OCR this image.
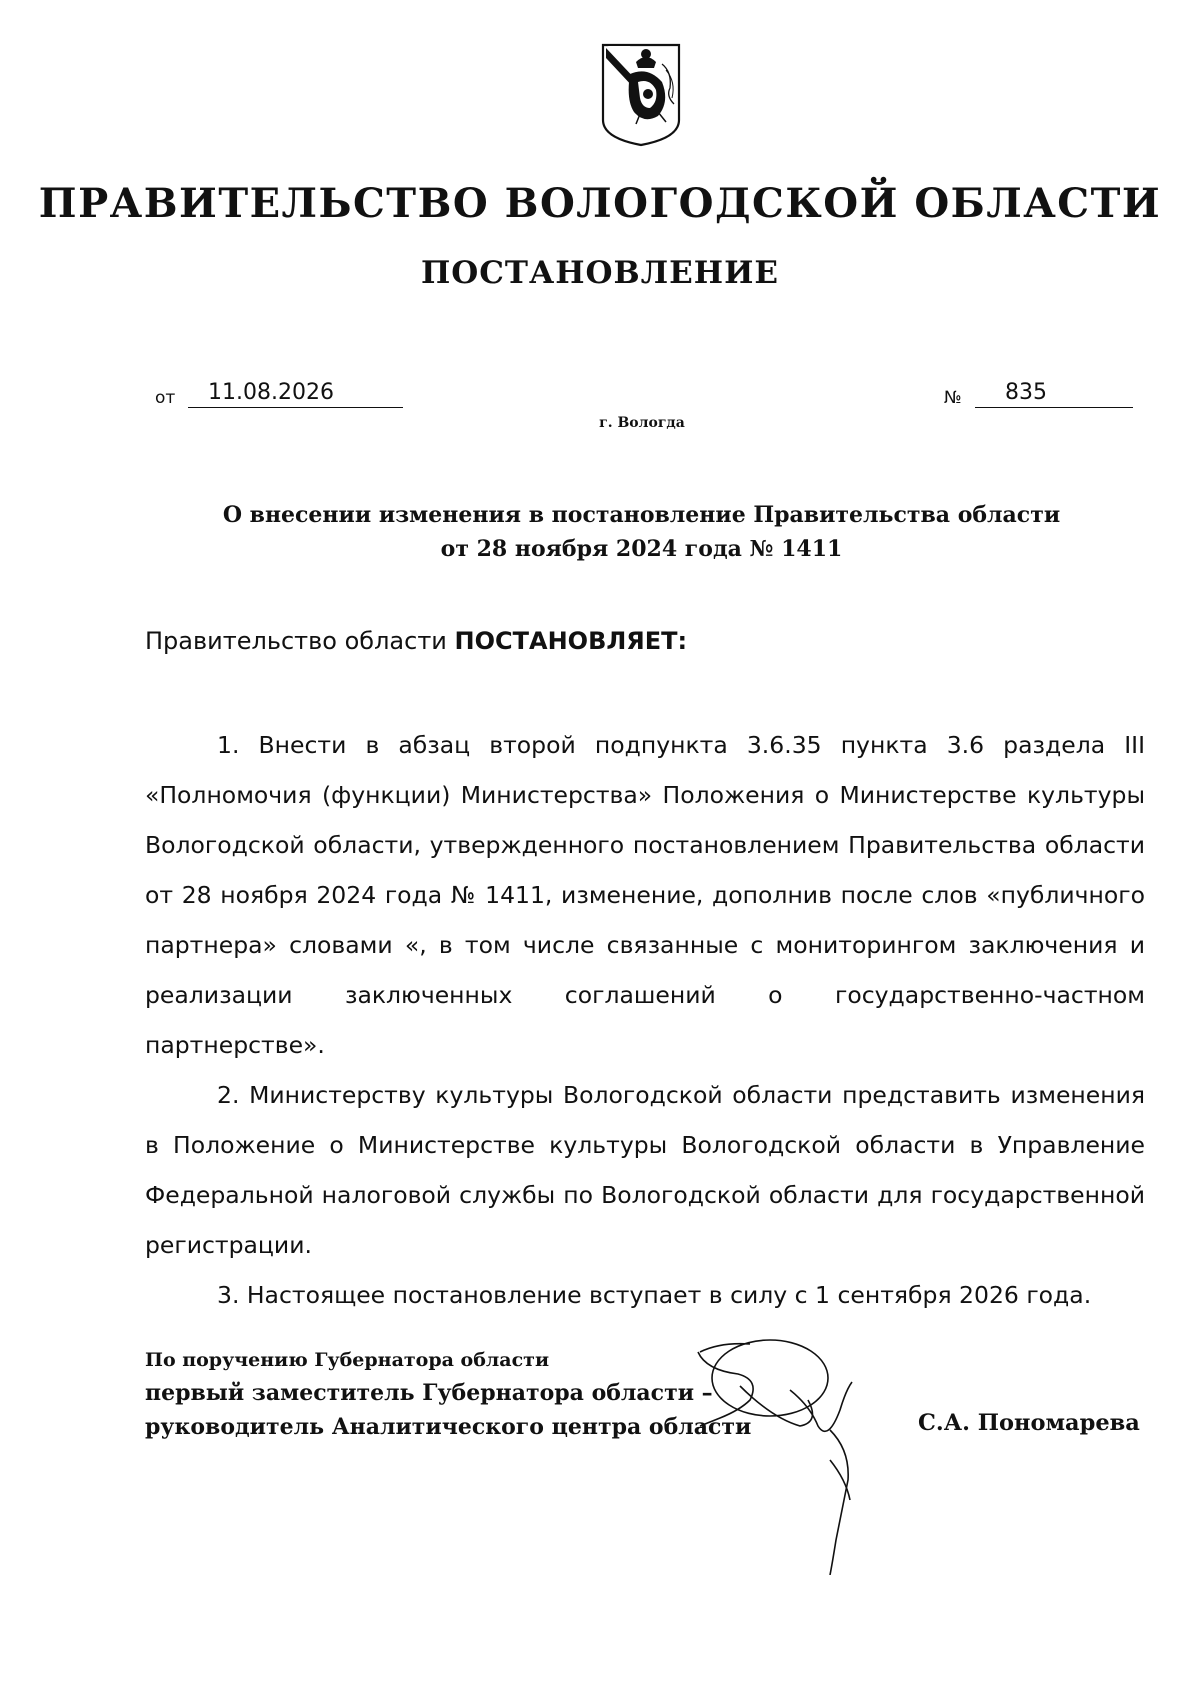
ПРАВИТЕЛЬСТВО ВОЛОГОДСКОЙ ОБЛАСТИ
ПОСТАНОВЛЕНИЕ
от 11.08.2026	№ 835
г. Вологда
О внесении изменения в постановление Правительства области
от 28 ноября 2024 года № 1411
Правительство области ПОСТАНОВЛЯЕТ:

1. Внести в абзац второй подпункта 3.6.35 пункта 3.6 раздела III «Полномочия (функции) Министерства» Положения о Министерстве культуры Вологодской области, утвержденного постановлением Правительства области от 28 ноября 2024 года № 1411, изменение, дополнив после слов «публичного партнера» словами «, в том числе связанные с мониторингом заключения и реализации заключенных соглашений о государственно-частном партнерстве».

2. Министерству культуры Вологодской области представить изменения в Положение о Министерстве культуры Вологодской области в Управление Федеральной налоговой службы по Вологодской области для государственной регистрации.

3. Настоящее постановление вступает в силу с 1 сентября 2026 года.

По поручению Губернатора области
первый заместитель Губернатора области –
руководитель Аналитического центра области	С.А. Пономарева
